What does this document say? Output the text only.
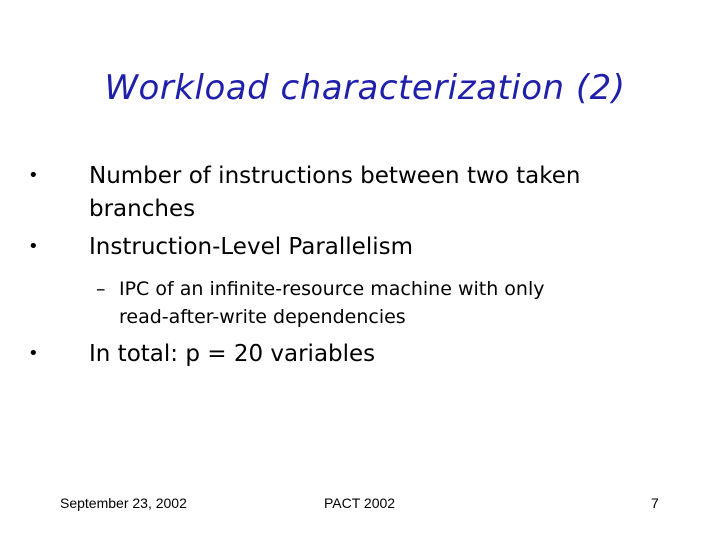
Workload characterization (2)
• Number of instructions between two taken
branches
• Instruction-Level Parallelism
– IPC of an infinite-resource machine with only
read-after-write dependencies
• In total: p = 20 variables
September 23, 2002	PACT 2002	7
